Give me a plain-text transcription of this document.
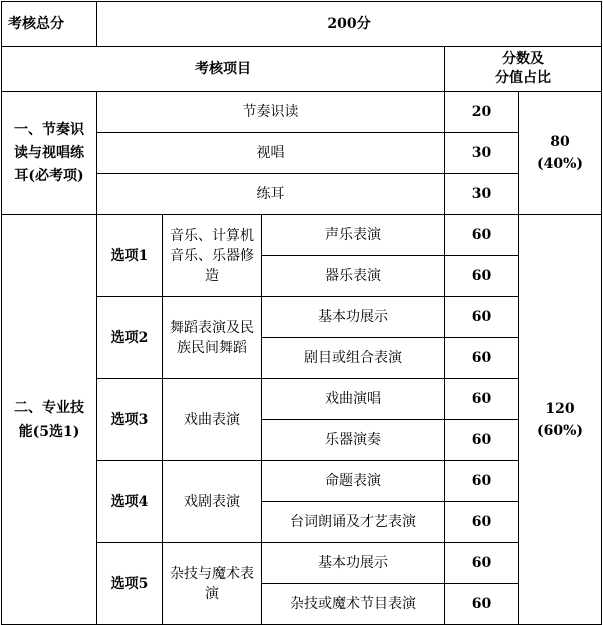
考核总分	200分				
考核项目				分数及
分值占比	
一、节奏识读与视唱练耳(必考项)	节奏识读			20	80
(40%)
	视唱			30	
	练耳			30	
二、专业技能(5选1)	选项1	音乐、计算机音乐、乐器修造	声乐表演	60	120
(60%)
			器乐表演	60	
	选项2	舞蹈表演及民族民间舞蹈	基本功展示	60	
			剧目或组合表演	60	
	选项3	戏曲表演	戏曲演唱	60	
			乐器演奏	60	
	选项4	戏剧表演	命题表演	60	
			台词朗诵及才艺表演	60	
	选项5	杂技与魔术表演	基本功展示	60	
			杂技或魔术节目表演	60	
